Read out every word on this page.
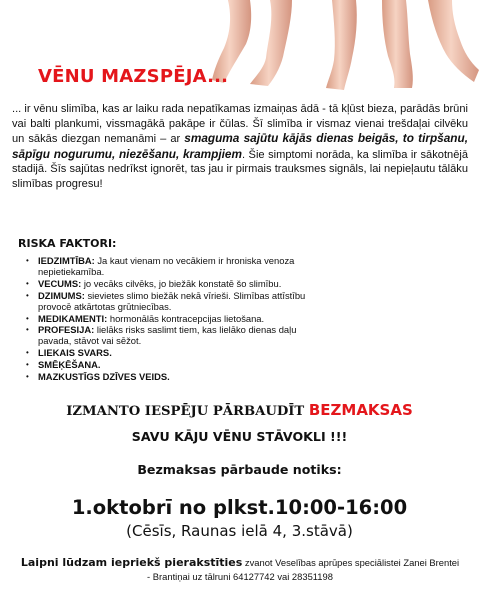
VĒNU MAZSPĒJA...
... ir vēnu slimība, kas ar laiku rada nepatīkamas izmaiņas ādā - tā kļūst bieza, parādās brūni vai balti plankumi, vissmagākā pakāpe ir čūlas. Šī slimība ir vismaz vienai trešdaļai cilvēku un sākās diezgan nemanāmi – ar smaguma sajūtu kājās dienas beigās, to tirpšanu, sāpīgu nogurumu, niezēšanu, krampjiem. Šie simptomi norāda, ka slimība ir sākotnējā stadijā. Šīs sajūtas nedrīkst ignorēt, tas jau ir pirmais trauksmes signāls, lai nepieļautu tālāku slimības progresu!
RISKA FAKTORI:
• IEDZIMTĪBA: Ja kaut vienam no vecākiem ir hroniska venoza nepietiekamība.
• VECUMS: jo vecāks cilvēks, jo biežāk konstatē šo slimību.
• DZIMUMS: sievietes slimo biežāk nekā vīrieši. Slimības attīstību provocē atkārtotas grūtniecības.
• MEDIKAMENTI: hormonālās kontracepcijas lietošana.
• PROFESIJA: lielāks risks saslimt tiem, kas lielāko dienas daļu pavada, stāvot vai sēžot.
• LIEKAIS SVARS.
• SMĒĶĒŠANA.
• MAZKUSTĪGS DZĪVES VEIDS.
IZMANTO IESPĒJU PĀRBAUDĪT BEZMAKSAS
SAVU KĀJU VĒNU STĀVOKLI !!!
Bezmaksas pārbaude notiks:
1.oktobrī no plkst.10:00-16:00
(Cēsīs, Raunas ielā 4, 3.stāvā)
Laipni lūdzam iepriekš pierakstīties zvanot Veselības aprūpes speciālistei Zanei Brentei - Brantiņai uz tālruni 64127742 vai 28351198
